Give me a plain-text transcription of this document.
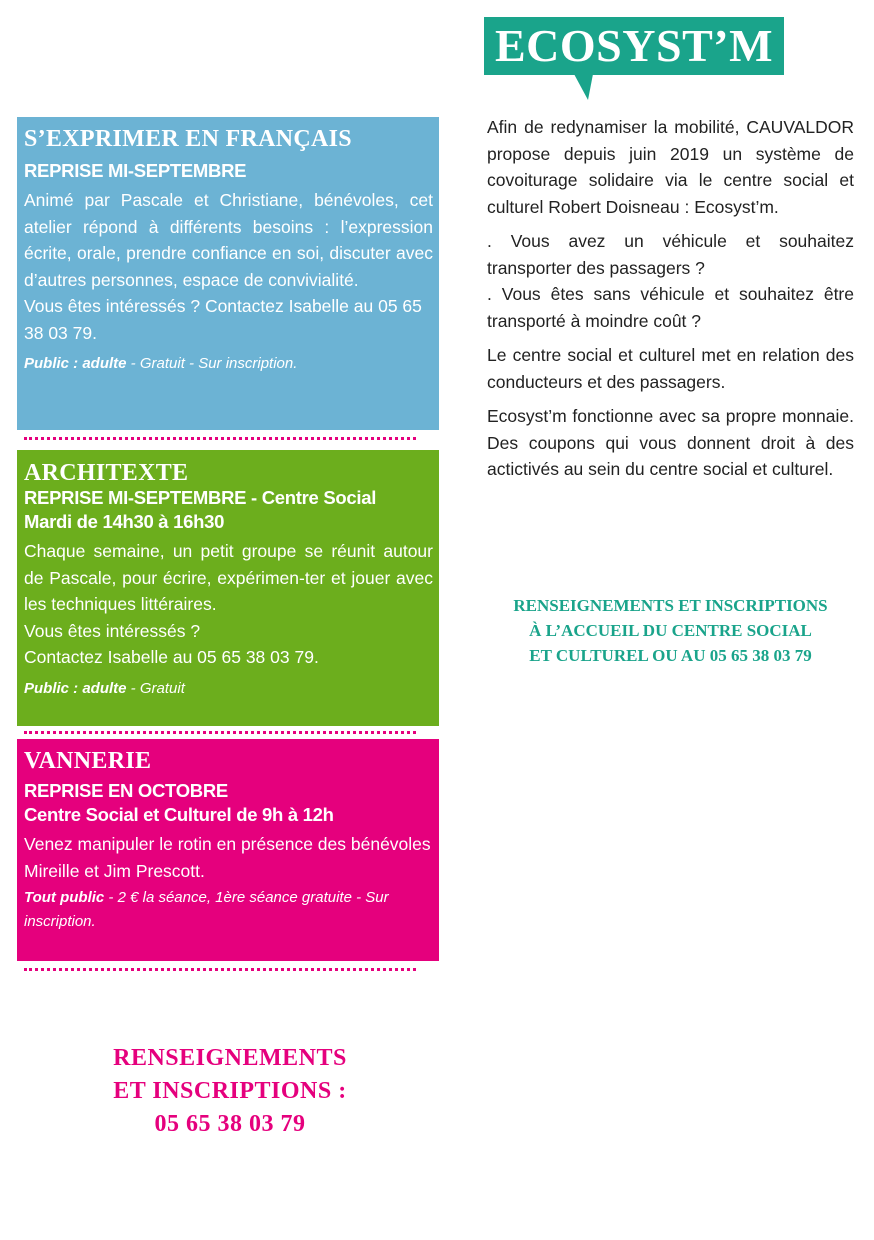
S’EXPRIMER EN FRANÇAIS
REPRISE MI-SEPTEMBRE

Animé par Pascale et Christiane, bénévoles, cet atelier répond à différents besoins : l’expression écrite, orale, prendre confiance en soi, discuter avec d’autres personnes, espace de convivialité.

Vous êtes intéressés ? Contactez Isabelle au 05 65 38 03 79.

Public : adulte - Gratuit - Sur inscription.
ARCHITEXTE
REPRISE MI-SEPTEMBRE - Centre Social
Mardi de 14h30 à 16h30

Chaque semaine, un petit groupe se réunit autour de Pascale, pour écrire, expérimen-ter et jouer avec les techniques littéraires.

Vous êtes intéressés ?

Contactez Isabelle au 05 65 38 03 79.

Public : adulte - Gratuit
VANNERIE
REPRISE EN OCTOBRE
Centre Social et Culturel de 9h à 12h

Venez manipuler le rotin en présence des bénévoles Mireille et Jim Prescott.

Tout public - 2 € la séance, 1ère séance gratuite - Sur inscription.
RENSEIGNEMENTS
ET INSCRIPTIONS :
05 65 38 03 79
ECOSYST’M

Afin de redynamiser la mobilité, CAUVALDOR propose depuis juin 2019 un système de covoiturage solidaire via le centre social et culturel Robert Doisneau : Ecosyst’m.

. Vous avez un véhicule et souhaitez transporter des passagers ?

. Vous êtes sans véhicule et souhaitez être transporté à moindre coût ?

Le centre social et culturel met en relation des conducteurs et des passagers.

Ecosyst’m fonctionne avec sa propre monnaie. Des coupons qui vous donnent droit à des actictivés au sein du centre social et culturel.

RENSEIGNEMENTS ET INSCRIPTIONS
À L’ACCUEIL DU CENTRE SOCIAL
ET CULTUREL OU AU 05 65 38 03 79
